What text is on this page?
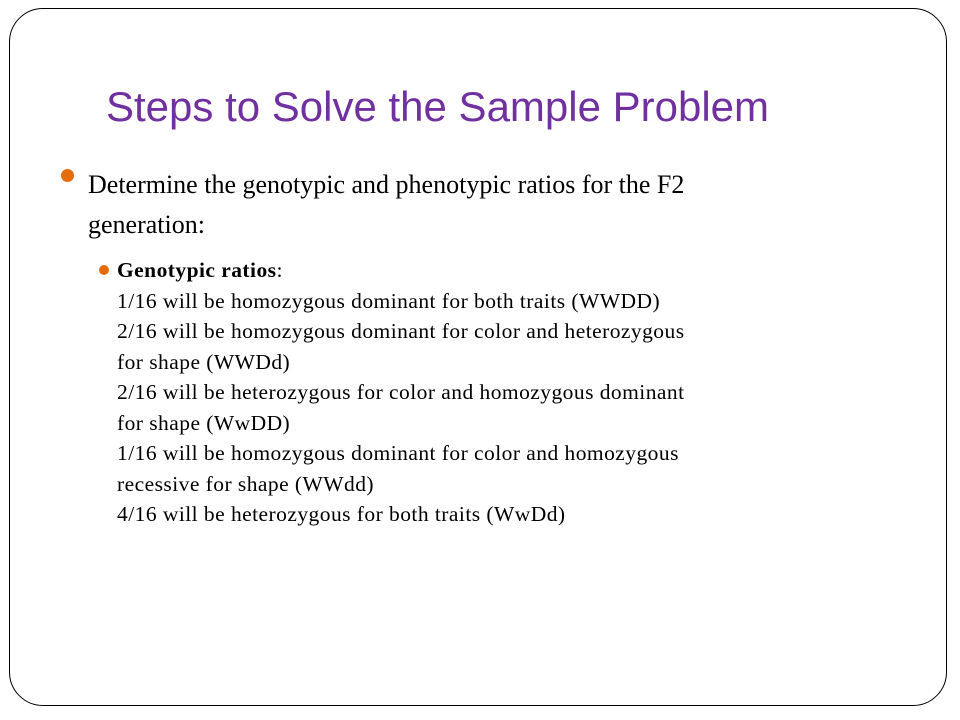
Steps to Solve the Sample Problem
Determine the genotypic and phenotypic ratios for the F2
generation:
Genotypic ratios:
1/16 will be homozygous dominant for both traits (WWDD)
2/16 will be homozygous dominant for color and heterozygous
for shape (WWDd)
2/16 will be heterozygous for color and homozygous dominant
for shape (WwDD)
1/16 will be homozygous dominant for color and homozygous
recessive for shape (WWdd)
4/16 will be heterozygous for both traits (WwDd)
